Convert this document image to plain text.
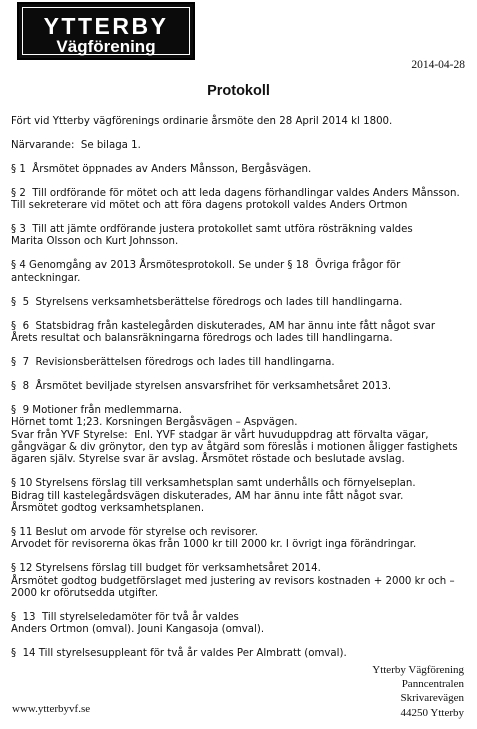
YTTERBY
Vägförening
2014-04-28
Protokoll
Fört vid Ytterby vägförenings ordinarie årsmöte den 28 April 2014 kl 1800.
Närvarande:  Se bilaga 1.
§ 1  Årsmötet öppnades av Anders Månsson, Bergåsvägen.
§ 2  Till ordförande för mötet och att leda dagens förhandlingar valdes Anders Månsson.
Till sekreterare vid mötet och att föra dagens protokoll valdes Anders Ortmon
§ 3  Till att jämte ordförande justera protokollet samt utföra rösträkning valdes
Marita Olsson och Kurt Johnsson.
§ 4 Genomgång av 2013 Årsmötesprotokoll. Se under § 18  Övriga frågor för
anteckningar.
§  5  Styrelsens verksamhetsberättelse föredrogs och lades till handlingarna.
§  6  Statsbidrag från kastelegården diskuterades, AM har ännu inte fått något svar
Årets resultat och balansräkningarna föredrogs och lades till handlingarna.
§  7  Revisionsberättelsen föredrogs och lades till handlingarna.
§  8  Årsmötet beviljade styrelsen ansvarsfrihet för verksamhetsåret 2013.
§  9 Motioner från medlemmarna.
Hörnet tomt 1;23. Korsningen Bergåsvägen – Aspvägen.
Svar från YVF Styrelse:  Enl. YVF stadgar är vårt huvuduppdrag att förvalta vägar,
gångvägar & div grönytor, den typ av åtgärd som föreslås i motionen åligger fastighets
ägaren själv. Styrelse svar är avslag. Årsmötet röstade och beslutade avslag.
§ 10 Styrelsens förslag till verksamhetsplan samt underhålls och förnyelseplan.
Bidrag till kastelegårdsvägen diskuterades, AM har ännu inte fått något svar.
Årsmötet godtog verksamhetsplanen.
§ 11 Beslut om arvode för styrelse och revisorer.
Arvodet för revisorerna ökas från 1000 kr till 2000 kr. I övrigt inga förändringar.
§ 12 Styrelsens förslag till budget för verksamhetsåret 2014.
Årsmötet godtog budgetförslaget med justering av revisors kostnaden + 2000 kr och –
2000 kr oförutsedda utgifter.
§  13  Till styrelseledamöter för två år valdes
Anders Ortmon (omval). Jouni Kangasoja (omval).
§  14 Till styrelsesuppleant för två år valdes Per Almbratt (omval).
Ytterby Vägförening
Panncentralen
Skrivarevägen
44250 Ytterby
www.ytterbyvf.se
